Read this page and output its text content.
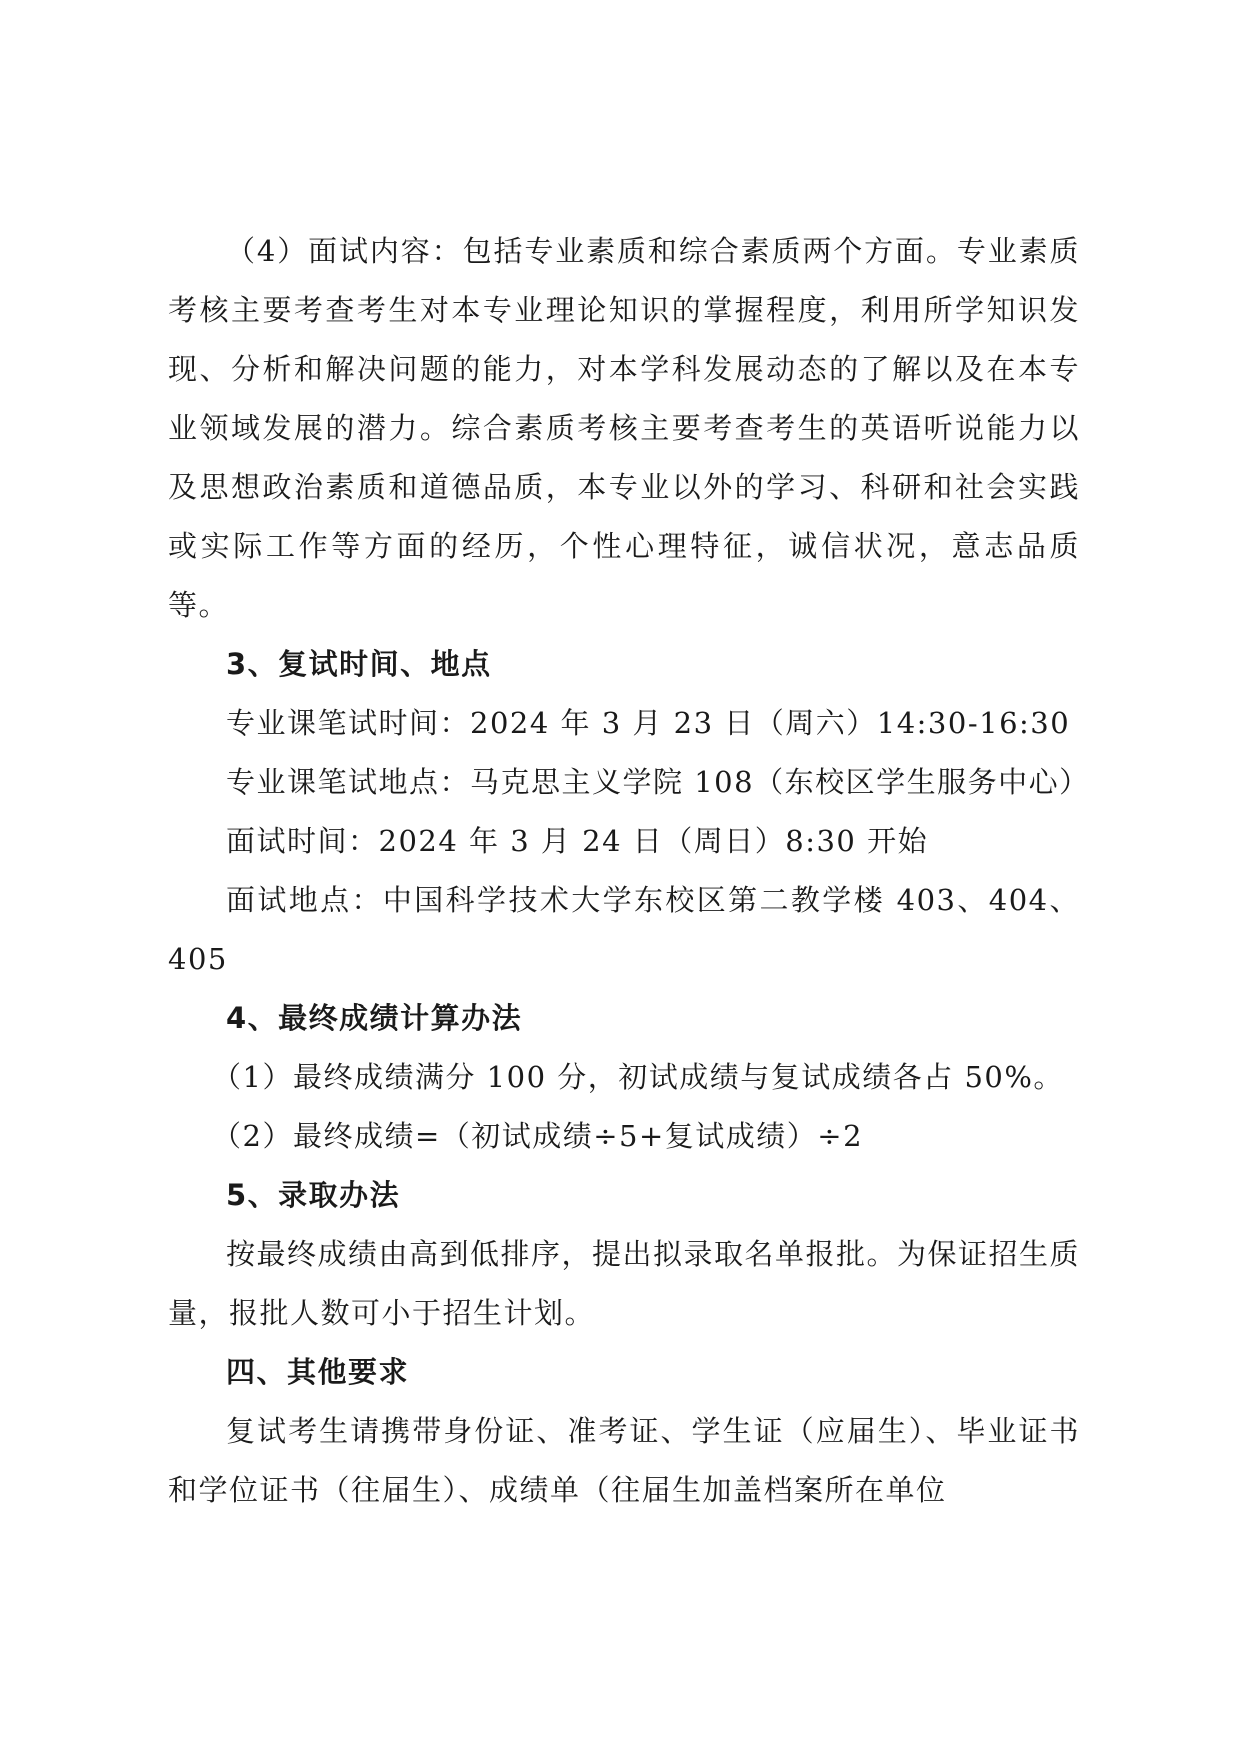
（4）面试内容：包括专业素质和综合素质两个方面。专业素质考核主要考查考生对本专业理论知识的掌握程度，利用所学知识发现、分析和解决问题的能力，对本学科发展动态的了解以及在本专业领域发展的潜力。综合素质考核主要考查考生的英语听说能力以及思想政治素质和道德品质，本专业以外的学习、科研和社会实践或实际工作等方面的经历，个性心理特征，诚信状况，意志品质等。

3、复试时间、地点

专业课笔试时间：2024 年 3 月 23 日（周六）14:30-16:30

专业课笔试地点：马克思主义学院 108（东校区学生服务中心）

面试时间：2024 年 3 月 24 日（周日）8:30 开始

面试地点：中国科学技术大学东校区第二教学楼 403、404、405

4、最终成绩计算办法

（1）最终成绩满分 100 分，初试成绩与复试成绩各占 50%。

（2）最终成绩=（初试成绩÷5+复试成绩）÷2

5、录取办法

按最终成绩由高到低排序，提出拟录取名单报批。为保证招生质量，报批人数可小于招生计划。

四、其他要求

复试考生请携带身份证、准考证、学生证（应届生）、毕业证书和学位证书（往届生）、成绩单（往届生加盖档案所在单位
